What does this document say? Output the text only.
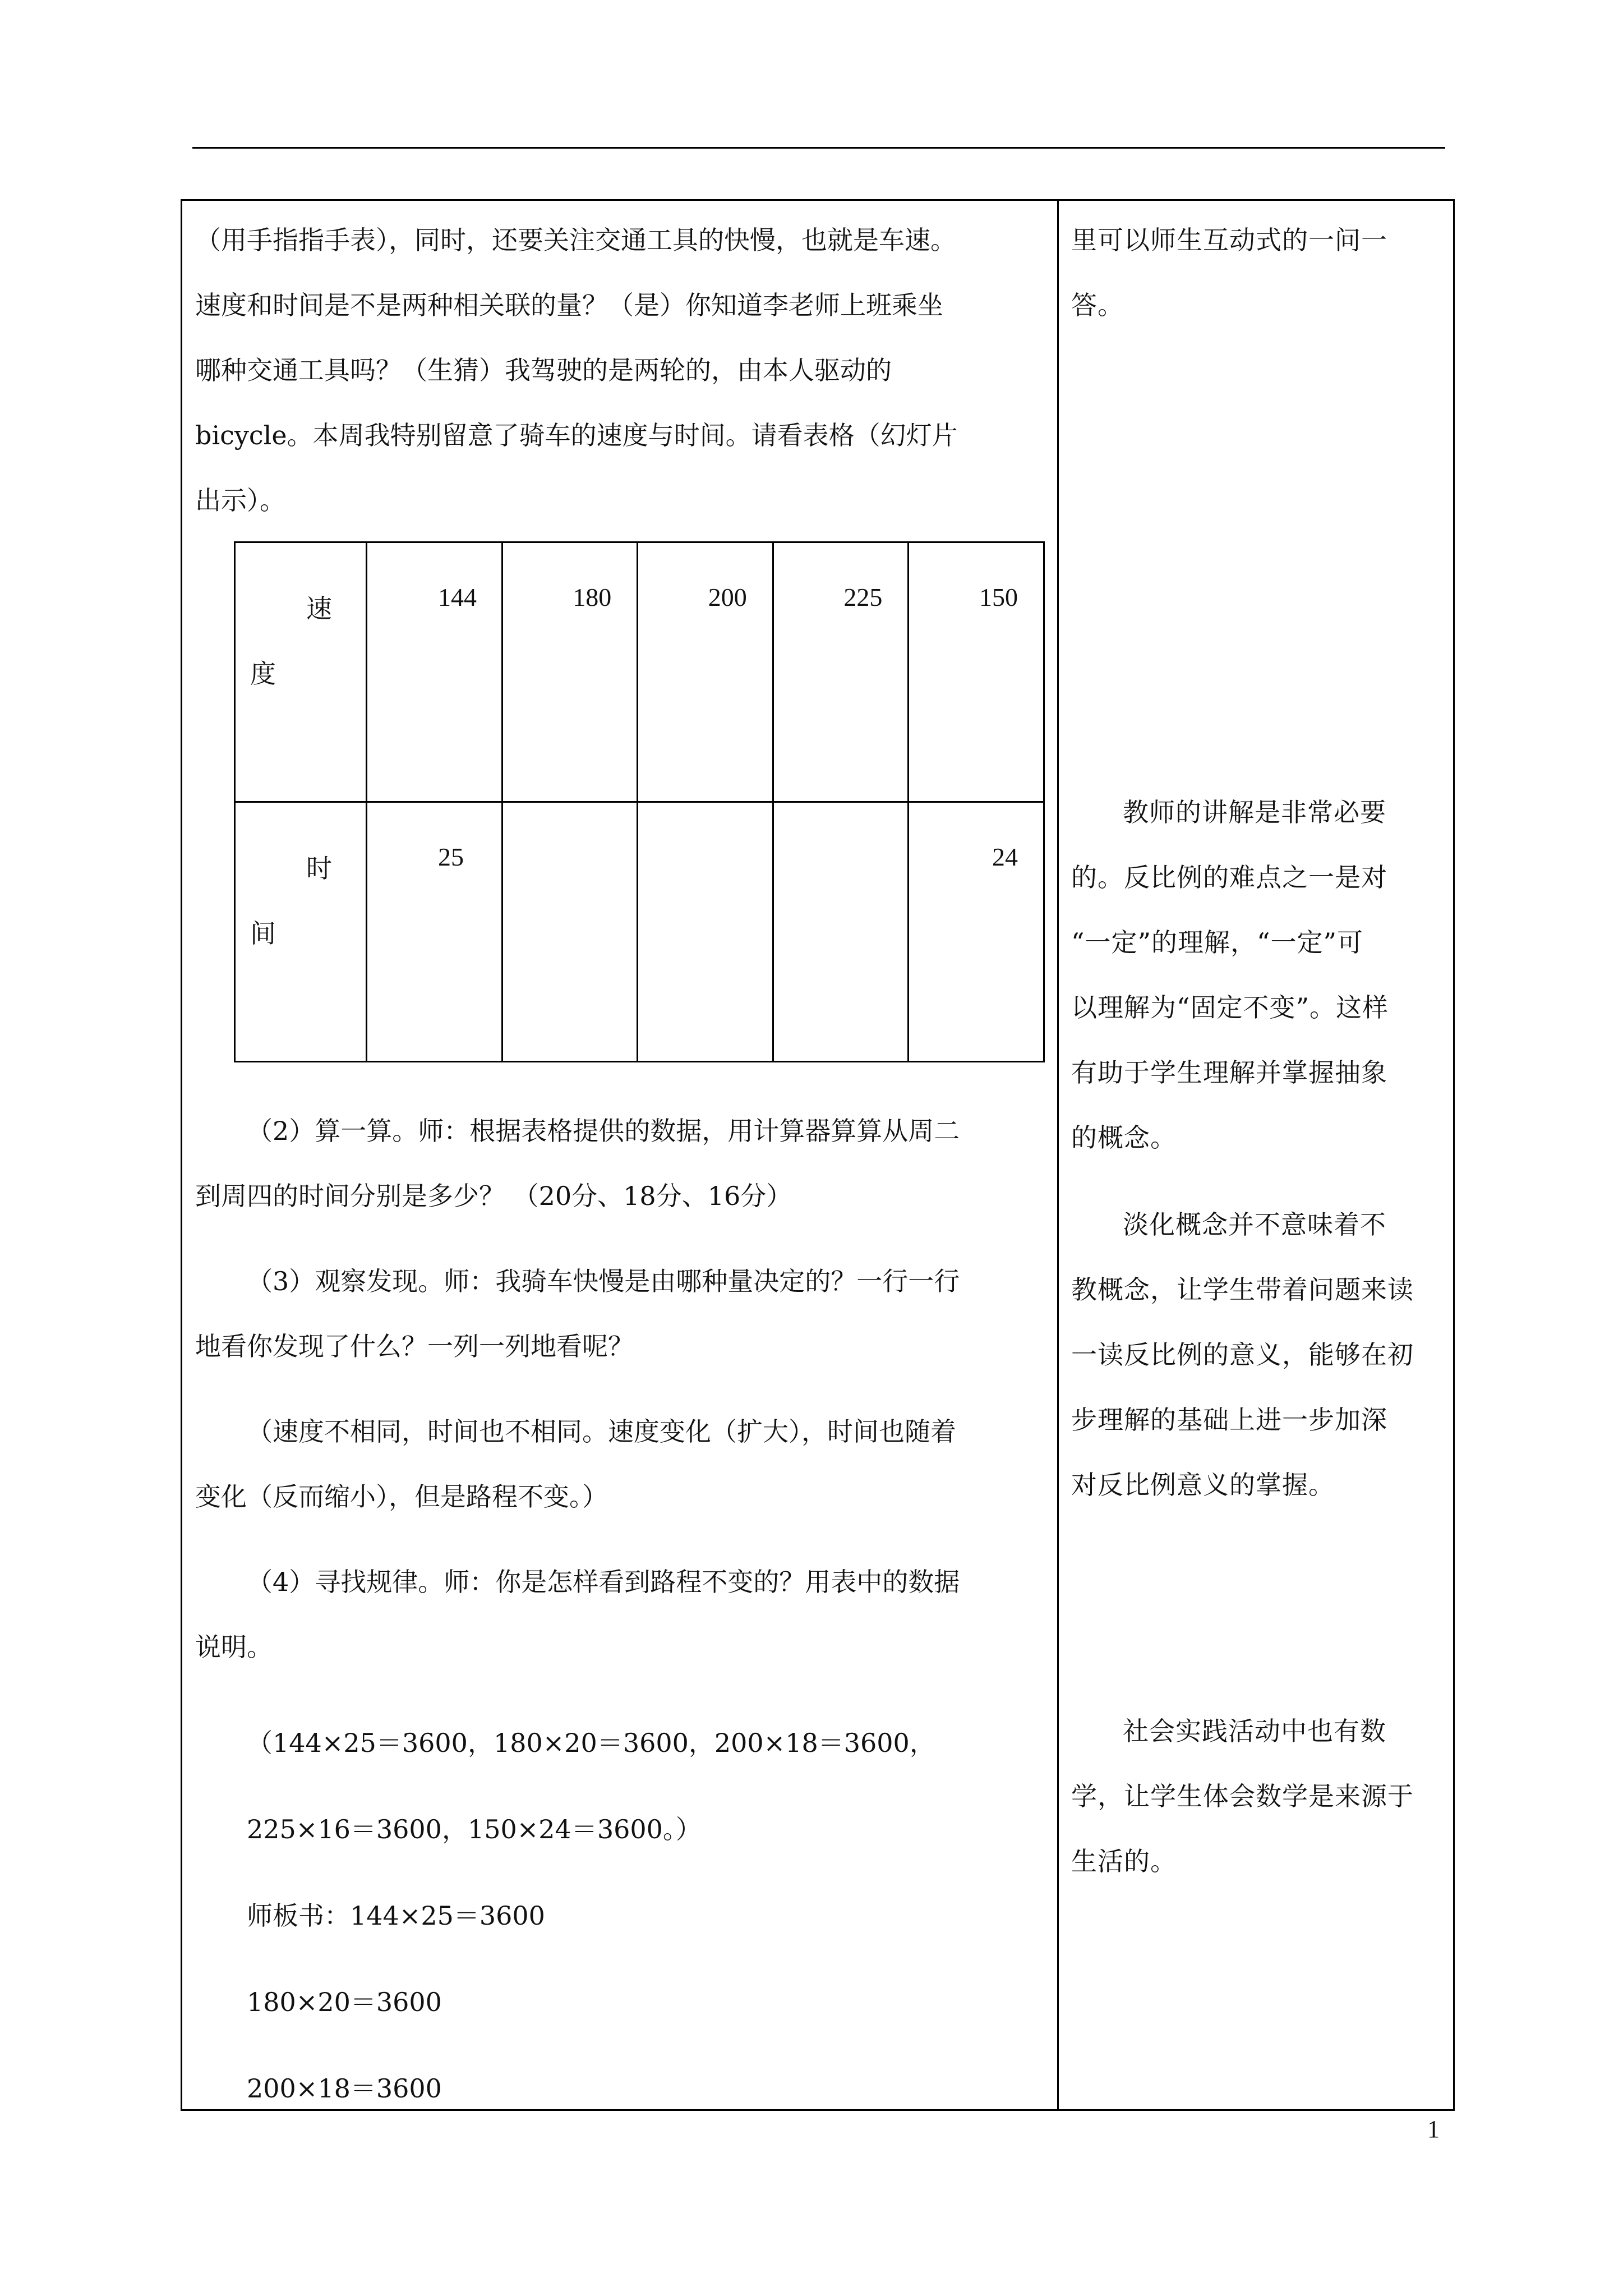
（用手指指手表），同时，还要关注交通工具的快慢，也就是车速。

速度和时间是不是两种相关联的量？（是）你知道李老师上班乘坐

哪种交通工具吗？（生猜）我驾驶的是两轮的，由本人驱动的

bicycle。本周我特别留意了骑车的速度与时间。请看表格（幻灯片

出示）。

（2）算一算。师：根据表格提供的数据，用计算器算算从周二

到周四的时间分别是多少？ （20分、18分、16分）

（3）观察发现。师：我骑车快慢是由哪种量决定的？一行一行

地看你发现了什么？一列一列地看呢？

（速度不相同，时间也不相同。速度变化（扩大），时间也随着

变化（反而缩小），但是路程不变。）

（4）寻找规律。师：你是怎样看到路程不变的？用表中的数据

说明。

（144×25＝3600，180×20＝3600，200×18＝3600，

225×16＝3600，150×24＝3600。）

师板书：144×25＝3600

180×20＝3600

200×18＝3600

速
度	144	180	200	225	150

时
间	25				24

里可以师生互动式的一问一

答。

教师的讲解是非常必要

的。反比例的难点之一是对

“一定”的理解，“一定”可

以理解为“固定不变”。这样

有助于学生理解并掌握抽象

的概念。

淡化概念并不意味着不

教概念，让学生带着问题来读

一读反比例的意义，能够在初

步理解的基础上进一步加深

对反比例意义的掌握。

社会实践活动中也有数

学，让学生体会数学是来源于

生活的。

1
